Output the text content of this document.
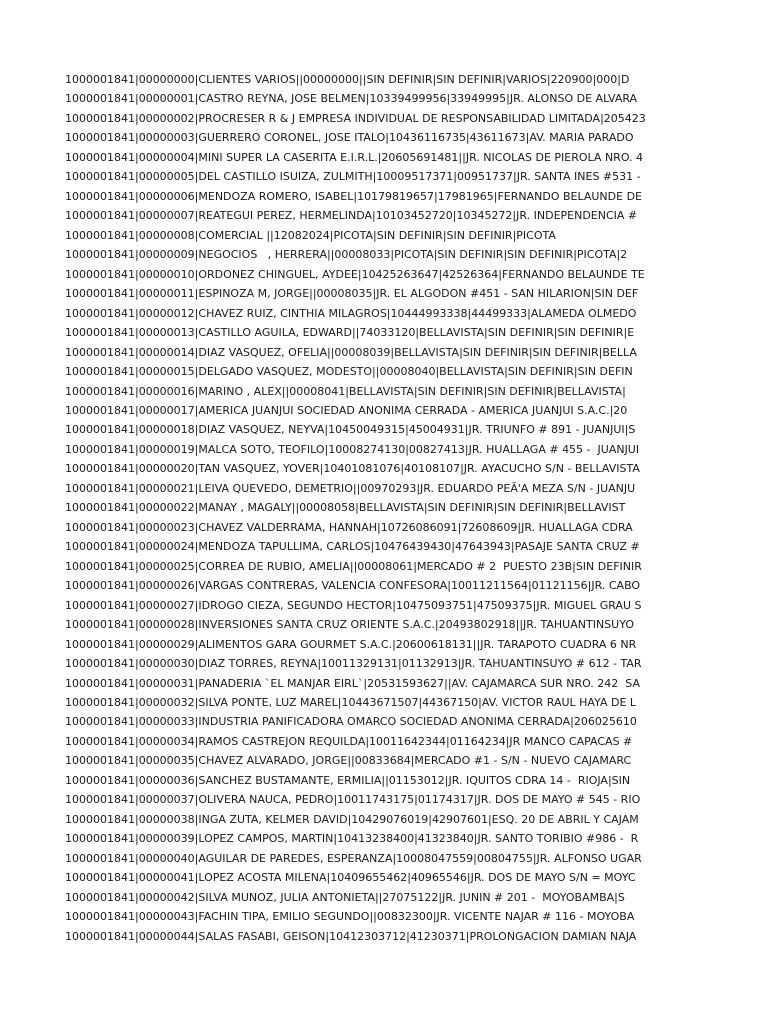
1000001841|00000000|CLIENTES VARIOS||00000000||SIN DEFINIR|SIN DEFINIR|VARIOS|220900|000|D
1000001841|00000001|CASTRO REYNA, JOSE BELMEN|10339499956|33949995|JR. ALONSO DE ALVARA
1000001841|00000002|PROCRESER R & J EMPRESA INDIVIDUAL DE RESPONSABILIDAD LIMITADA|205423
1000001841|00000003|GUERRERO CORONEL, JOSE ITALO|10436116735|43611673|AV. MARIA PARADO
1000001841|00000004|MINI SUPER LA CASERITA E.I.R.L.|20605691481||JR. NICOLAS DE PIEROLA NRO. 4
1000001841|00000005|DEL CASTILLO ISUIZA, ZULMITH|10009517371|00951737|JR. SANTA INES #531 -
1000001841|00000006|MENDOZA ROMERO, ISABEL|10179819657|17981965|FERNANDO BELAUNDE DE
1000001841|00000007|REATEGUI PEREZ, HERMELINDA|10103452720|10345272|JR. INDEPENDENCIA #
1000001841|00000008|COMERCIAL ||12082024|PICOTA|SIN DEFINIR|SIN DEFINIR|PICOTA
1000001841|00000009|NEGOCIOS   , HERRERA||00008033|PICOTA|SIN DEFINIR|SIN DEFINIR|PICOTA|2
1000001841|00000010|ORDONEZ CHINGUEL, AYDEE|10425263647|42526364|FERNANDO BELAUNDE TE
1000001841|00000011|ESPINOZA M, JORGE||00008035|JR. EL ALGODON #451 - SAN HILARION|SIN DEF
1000001841|00000012|CHAVEZ RUIZ, CINTHIA MILAGROS|10444993338|44499333|ALAMEDA OLMEDO
1000001841|00000013|CASTILLO AGUILA, EDWARD||74033120|BELLAVISTA|SIN DEFINIR|SIN DEFINIR|E
1000001841|00000014|DIAZ VASQUEZ, OFELIA||00008039|BELLAVISTA|SIN DEFINIR|SIN DEFINIR|BELLA
1000001841|00000015|DELGADO VASQUEZ, MODESTO||00008040|BELLAVISTA|SIN DEFINIR|SIN DEFIN
1000001841|00000016|MARINO , ALEX||00008041|BELLAVISTA|SIN DEFINIR|SIN DEFINIR|BELLAVISTA|
1000001841|00000017|AMERICA JUANJUI SOCIEDAD ANONIMA CERRADA - AMERICA JUANJUI S.A.C.|20
1000001841|00000018|DIAZ VASQUEZ, NEYVA|10450049315|45004931|JR. TRIUNFO # 891 - JUANJUI|S
1000001841|00000019|MALCA SOTO, TEOFILO|10008274130|00827413|JR. HUALLAGA # 455 -  JUANJUI
1000001841|00000020|TAN VASQUEZ, YOVER|10401081076|40108107|JR. AYACUCHO S/N - BELLAVISTA
1000001841|00000021|LEIVA QUEVEDO, DEMETRIO||00970293|JR. EDUARDO PEÃ'A MEZA S/N - JUANJU
1000001841|00000022|MANAY , MAGALY||00008058|BELLAVISTA|SIN DEFINIR|SIN DEFINIR|BELLAVIST
1000001841|00000023|CHAVEZ VALDERRAMA, HANNAH|10726086091|72608609|JR. HUALLAGA CDRA
1000001841|00000024|MENDOZA TAPULLIMA, CARLOS|10476439430|47643943|PASAJE SANTA CRUZ #
1000001841|00000025|CORREA DE RUBIO, AMELIA||00008061|MERCADO # 2  PUESTO 23B|SIN DEFINIR
1000001841|00000026|VARGAS CONTRERAS, VALENCIA CONFESORA|10011211564|01121156|JR. CABO
1000001841|00000027|IDROGO CIEZA, SEGUNDO HECTOR|10475093751|47509375|JR. MIGUEL GRAU S
1000001841|00000028|INVERSIONES SANTA CRUZ ORIENTE S.A.C.|20493802918||JR. TAHUANTINSUYO
1000001841|00000029|ALIMENTOS GARA GOURMET S.A.C.|20600618131||JR. TARAPOTO CUADRA 6 NR
1000001841|00000030|DIAZ TORRES, REYNA|10011329131|01132913|JR. TAHUANTINSUYO # 612 - TAR
1000001841|00000031|PANADERIA `EL MANJAR EIRL`|20531593627||AV. CAJAMARCA SUR NRO. 242  SA
1000001841|00000032|SILVA PONTE, LUZ MAREL|10443671507|44367150|AV. VICTOR RAUL HAYA DE L
1000001841|00000033|INDUSTRIA PANIFICADORA OMARCO SOCIEDAD ANONIMA CERRADA|206025610
1000001841|00000034|RAMOS CASTREJON REQUILDA|10011642344|01164234|JR MANCO CAPACAS #
1000001841|00000035|CHAVEZ ALVARADO, JORGE||00833684|MERCADO #1 - S/N - NUEVO CAJAMARC
1000001841|00000036|SANCHEZ BUSTAMANTE, ERMILIA||01153012|JR. IQUITOS CDRA 14 -  RIOJA|SIN
1000001841|00000037|OLIVERA NAUCA, PEDRO|10011743175|01174317|JR. DOS DE MAYO # 545 - RIO
1000001841|00000038|INGA ZUTA, KELMER DAVID|10429076019|42907601|ESQ. 20 DE ABRIL Y CAJAM
1000001841|00000039|LOPEZ CAMPOS, MARTIN|10413238400|41323840|JR. SANTO TORIBIO #986 -  R
1000001841|00000040|AGUILAR DE PAREDES, ESPERANZA|10008047559|00804755|JR. ALFONSO UGAR
1000001841|00000041|LOPEZ ACOSTA MILENA|10409655462|40965546|JR. DOS DE MAYO S/N = MOYC
1000001841|00000042|SILVA MUNOZ, JULIA ANTONIETA||27075122|JR. JUNIN # 201 -  MOYOBAMBA|S
1000001841|00000043|FACHIN TIPA, EMILIO SEGUNDO||00832300|JR. VICENTE NAJAR # 116 - MOYOBA
1000001841|00000044|SALAS FASABI, GEISON|10412303712|41230371|PROLONGACION DAMIAN NAJA
